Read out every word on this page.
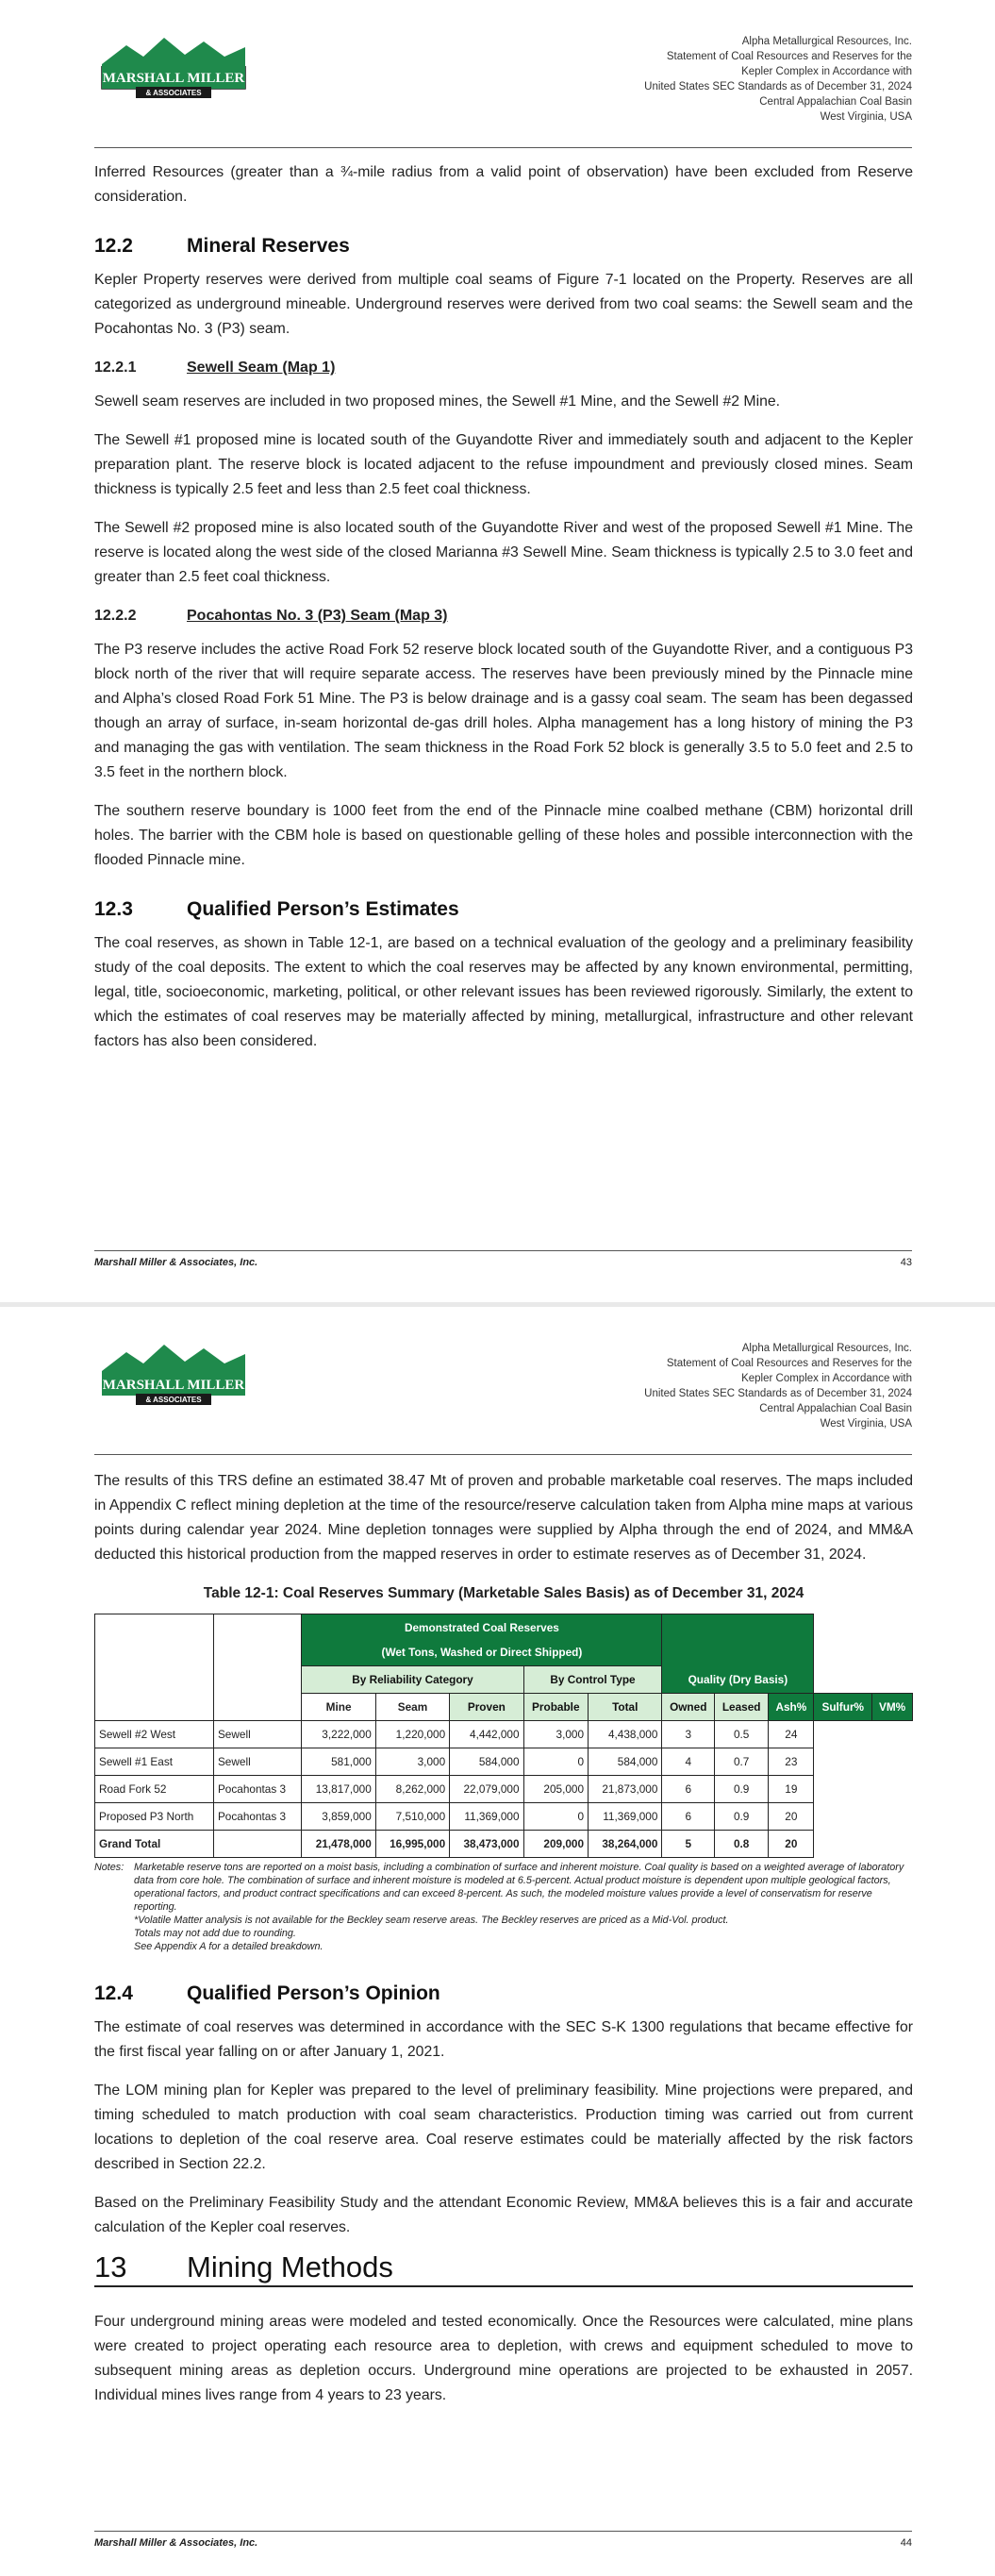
MARSHALL MILLER
& ASSOCIATES
Alpha Metallurgical Resources, Inc.
Statement of Coal Resources and Reserves for the
Kepler Complex in Accordance with
United States SEC Standards as of December 31, 2024
Central Appalachian Coal Basin
West Virginia, USA

Inferred Resources (greater than a ¾-mile radius from a valid point of observation) have been excluded from Reserve consideration.

12.2	Mineral Reserves

Kepler Property reserves were derived from multiple coal seams of Figure 7-1 located on the Property. Reserves are all categorized as underground mineable. Underground reserves were derived from two coal seams: the Sewell seam and the Pocahontas No. 3 (P3) seam.

12.2.1	Sewell Seam (Map 1)

Sewell seam reserves are included in two proposed mines, the Sewell #1 Mine, and the Sewell #2 Mine.

The Sewell #1 proposed mine is located south of the Guyandotte River and immediately south and adjacent to the Kepler preparation plant. The reserve block is located adjacent to the refuse impoundment and previously closed mines. Seam thickness is typically 2.5 feet and less than 2.5 feet coal thickness.

The Sewell #2 proposed mine is also located south of the Guyandotte River and west of the proposed Sewell #1 Mine. The reserve is located along the west side of the closed Marianna #3 Sewell Mine. Seam thickness is typically 2.5 to 3.0 feet and greater than 2.5 feet coal thickness.

12.2.2	Pocahontas No. 3 (P3) Seam (Map 3)

The P3 reserve includes the active Road Fork 52 reserve block located south of the Guyandotte River, and a contiguous P3 block north of the river that will require separate access. The reserves have been previously mined by the Pinnacle mine and Alpha’s closed Road Fork 51 Mine. The P3 is below drainage and is a gassy coal seam. The seam has been degassed though an array of surface, in-seam horizontal de-gas drill holes. Alpha management has a long history of mining the P3 and managing the gas with ventilation. The seam thickness in the Road Fork 52 block is generally 3.5 to 5.0 feet and 2.5 to 3.5 feet in the northern block.

The southern reserve boundary is 1000 feet from the end of the Pinnacle mine coalbed methane (CBM) horizontal drill holes. The barrier with the CBM hole is based on questionable gelling of these holes and possible interconnection with the flooded Pinnacle mine.

12.3	Qualified Person’s Estimates

The coal reserves, as shown in Table 12-1, are based on a technical evaluation of the geology and a preliminary feasibility study of the coal deposits. The extent to which the coal reserves may be affected by any known environmental, permitting, legal, title, socioeconomic, marketing, political, or other relevant issues has been reviewed rigorously. Similarly, the extent to which the estimates of coal reserves may be materially affected by mining, metallurgical, infrastructure and other relevant factors has also been considered.

Marshall Miller & Associates, Inc.	43
MARSHALL MILLER
& ASSOCIATES
Alpha Metallurgical Resources, Inc.
Statement of Coal Resources and Reserves for the
Kepler Complex in Accordance with
United States SEC Standards as of December 31, 2024
Central Appalachian Coal Basin
West Virginia, USA

The results of this TRS define an estimated 38.47 Mt of proven and probable marketable coal reserves. The maps included in Appendix C reflect mining depletion at the time of the resource/reserve calculation taken from Alpha mine maps at various points during calendar year 2024. Mine depletion tonnages were supplied by Alpha through the end of 2024, and MM&A deducted this historical production from the mapped reserves in order to estimate reserves as of December 31, 2024.

Table 12-1: Coal Reserves Summary (Marketable Sales Basis) as of December 31, 2024

		Demonstrated Coal Reserves
(Wet Tons, Washed or Direct Shipped)									

		By Reliability Category			By Control Type		Quality (Dry Basis)				
		Mine	Seam	Proven	Probable	Total	Owned	Leased	Ash%	Sulfur%	VM%
Sewell #2 West	Sewell	3,222,000	1,220,000	4,442,000	3,000	4,438,000	3	0.5	24		
Sewell #1 East	Sewell	581,000	3,000	584,000	0	584,000	4	0.7	23		
Road Fork 52	Pocahontas 3	13,817,000	8,262,000	22,079,000	205,000	21,873,000	6	0.9	19		
Proposed P3 North	Pocahontas 3	3,859,000	7,510,000	11,369,000	0	11,369,000	6	0.9	20		
Grand Total		21,478,000	16,995,000	38,473,000	209,000	38,264,000	5	0.8	20		
Notes: Marketable reserve tons are reported on a moist basis, including a combination of surface and inherent moisture. Coal quality is based on a weighted average of laboratory data from core hole. The combination of surface and inherent moisture is modeled at 6.5-percent. Actual product moisture is dependent upon multiple geological factors, operational factors, and product contract specifications and can exceed 8-percent. As such, the modeled moisture values provide a level of conservatism for reserve reporting.
*Volatile Matter analysis is not available for the Beckley seam reserve areas. The Beckley reserves are priced as a Mid-Vol. product.
Totals may not add due to rounding.
See Appendix A for a detailed breakdown.
12.4	Qualified Person’s Opinion

The estimate of coal reserves was determined in accordance with the SEC S-K 1300 regulations that became effective for the first fiscal year falling on or after January 1, 2021.

The LOM mining plan for Kepler was prepared to the level of preliminary feasibility. Mine projections were prepared, and timing scheduled to match production with coal seam characteristics. Production timing was carried out from current locations to depletion of the coal reserve area. Coal reserve estimates could be materially affected by the risk factors described in Section 22.2.

Based on the Preliminary Feasibility Study and the attendant Economic Review, MM&A believes this is a fair and accurate calculation of the Kepler coal reserves.

13	Mining Methods

Four underground mining areas were modeled and tested economically. Once the Resources were calculated, mine plans were created to project operating each resource area to depletion, with crews and equipment scheduled to move to subsequent mining areas as depletion occurs. Underground mine operations are projected to be exhausted in 2057. Individual mines lives range from 4 years to 23 years.

Marshall Miller & Associates, Inc.	44
